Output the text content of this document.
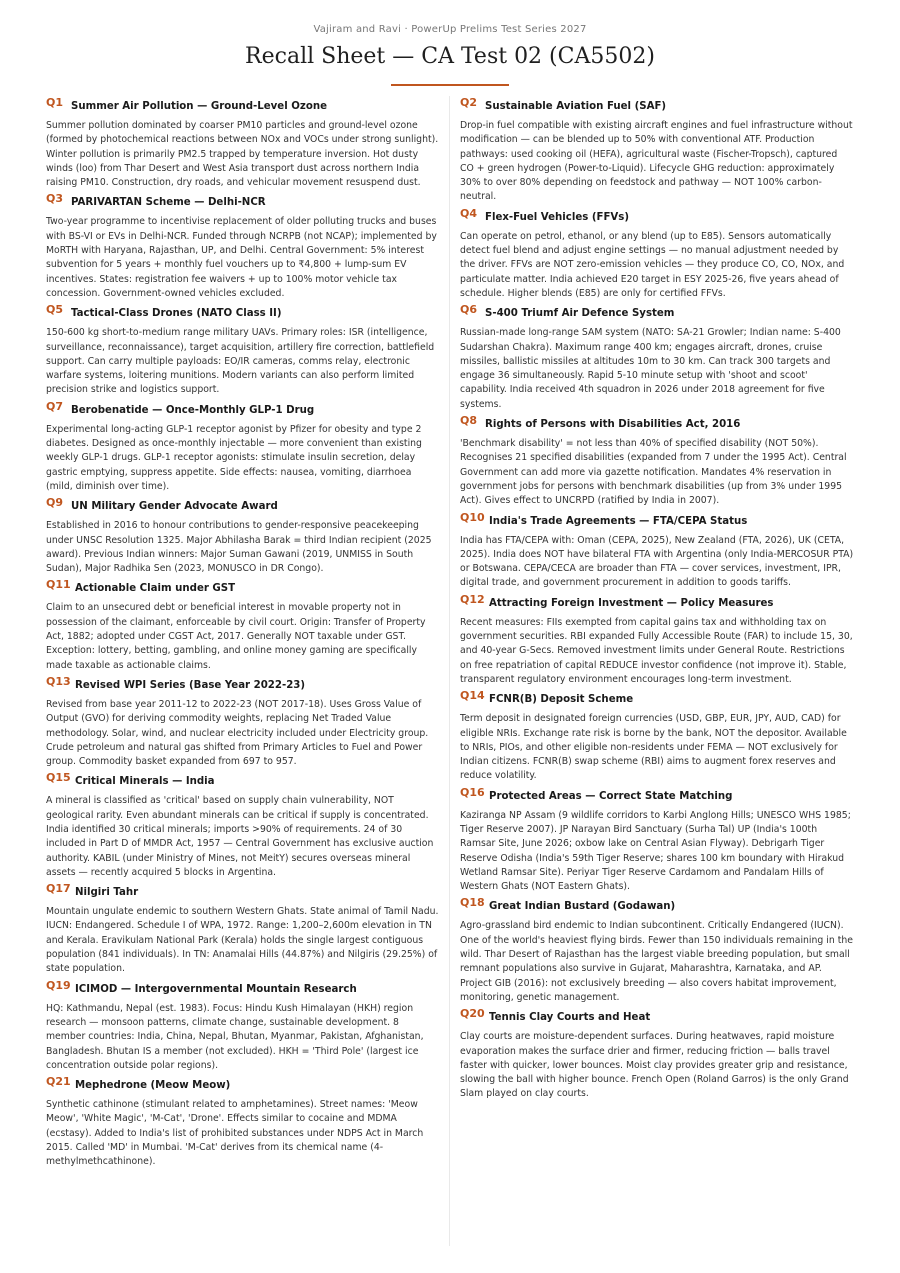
Vajiram and Ravi · PowerUp Prelims Test Series 2027
Recall Sheet — CA Test 02 (CA5502)
Q1 Summer Air Pollution — Ground-Level Ozone
Summer pollution dominated by coarser PM10 particles and ground-level ozone (formed by photochemical reactions between NOx and VOCs under strong sunlight). Winter pollution is primarily PM2.5 trapped by temperature inversion. Hot dusty winds (loo) from Thar Desert and West Asia transport dust across northern India raising PM10. Construction, dry roads, and vehicular movement resuspend dust.
Q3 PARIVARTAN Scheme — Delhi-NCR
Two-year programme to incentivise replacement of older polluting trucks and buses with BS-VI or EVs in Delhi-NCR. Funded through NCRPB (not NCAP); implemented by MoRTH with Haryana, Rajasthan, UP, and Delhi. Central Government: 5% interest subvention for 5 years + monthly fuel vouchers up to ₹4,800 + lump-sum EV incentives. States: registration fee waivers + up to 100% motor vehicle tax concession. Government-owned vehicles excluded.
Q5 Tactical-Class Drones (NATO Class II)
150-600 kg short-to-medium range military UAVs. Primary roles: ISR (intelligence, surveillance, reconnaissance), target acquisition, artillery fire correction, battlefield support. Can carry multiple payloads: EO/IR cameras, comms relay, electronic warfare systems, loitering munitions. Modern variants can also perform limited precision strike and logistics support.
Q7 Berobenatide — Once-Monthly GLP-1 Drug
Experimental long-acting GLP-1 receptor agonist by Pfizer for obesity and type 2 diabetes. Designed as once-monthly injectable — more convenient than existing weekly GLP-1 drugs. GLP-1 receptor agonists: stimulate insulin secretion, delay gastric emptying, suppress appetite. Side effects: nausea, vomiting, diarrhoea (mild, diminish over time).
Q9 UN Military Gender Advocate Award
Established in 2016 to honour contributions to gender-responsive peacekeeping under UNSC Resolution 1325. Major Abhilasha Barak = third Indian recipient (2025 award). Previous Indian winners: Major Suman Gawani (2019, UNMISS in South Sudan), Major Radhika Sen (2023, MONUSCO in DR Congo).
Q11 Actionable Claim under GST
Claim to an unsecured debt or beneficial interest in movable property not in possession of the claimant, enforceable by civil court. Origin: Transfer of Property Act, 1882; adopted under CGST Act, 2017. Generally NOT taxable under GST. Exception: lottery, betting, gambling, and online money gaming are specifically made taxable as actionable claims.
Q13 Revised WPI Series (Base Year 2022-23)
Revised from base year 2011-12 to 2022-23 (NOT 2017-18). Uses Gross Value of Output (GVO) for deriving commodity weights, replacing Net Traded Value methodology. Solar, wind, and nuclear electricity included under Electricity group. Crude petroleum and natural gas shifted from Primary Articles to Fuel and Power group. Commodity basket expanded from 697 to 957.
Q15 Critical Minerals — India
A mineral is classified as 'critical' based on supply chain vulnerability, NOT geological rarity. Even abundant minerals can be critical if supply is concentrated. India identified 30 critical minerals; imports >90% of requirements. 24 of 30 included in Part D of MMDR Act, 1957 — Central Government has exclusive auction authority. KABIL (under Ministry of Mines, not MeitY) secures overseas mineral assets — recently acquired 5 blocks in Argentina.
Q17 Nilgiri Tahr
Mountain ungulate endemic to southern Western Ghats. State animal of Tamil Nadu. IUCN: Endangered. Schedule I of WPA, 1972. Range: 1,200–2,600m elevation in TN and Kerala. Eravikulam National Park (Kerala) holds the single largest contiguous population (841 individuals). In TN: Anamalai Hills (44.87%) and Nilgiris (29.25%) of state population.
Q19 ICIMOD — Intergovernmental Mountain Research
HQ: Kathmandu, Nepal (est. 1983). Focus: Hindu Kush Himalayan (HKH) region research — monsoon patterns, climate change, sustainable development. 8 member countries: India, China, Nepal, Bhutan, Myanmar, Pakistan, Afghanistan, Bangladesh. Bhutan IS a member (not excluded). HKH = 'Third Pole' (largest ice concentration outside polar regions).
Q21 Mephedrone (Meow Meow)
Synthetic cathinone (stimulant related to amphetamines). Street names: 'Meow Meow', 'White Magic', 'M-Cat', 'Drone'. Effects similar to cocaine and MDMA (ecstasy). Added to India's list of prohibited substances under NDPS Act in March 2015. Called 'MD' in Mumbai. 'M-Cat' derives from its chemical name (4-methylmethcathinone).
Q2 Sustainable Aviation Fuel (SAF)
Drop-in fuel compatible with existing aircraft engines and fuel infrastructure without modification — can be blended up to 50% with conventional ATF. Production pathways: used cooking oil (HEFA), agricultural waste (Fischer-Tropsch), captured CO + green hydrogen (Power-to-Liquid). Lifecycle GHG reduction: approximately 30% to over 80% depending on feedstock and pathway — NOT 100% carbon-neutral.
Q4 Flex-Fuel Vehicles (FFVs)
Can operate on petrol, ethanol, or any blend (up to E85). Sensors automatically detect fuel blend and adjust engine settings — no manual adjustment needed by the driver. FFVs are NOT zero-emission vehicles — they produce CO, CO, NOx, and particulate matter. India achieved E20 target in ESY 2025-26, five years ahead of schedule. Higher blends (E85) are only for certified FFVs.
Q6 S-400 Triumf Air Defence System
Russian-made long-range SAM system (NATO: SA-21 Growler; Indian name: S-400 Sudarshan Chakra). Maximum range 400 km; engages aircraft, drones, cruise missiles, ballistic missiles at altitudes 10m to 30 km. Can track 300 targets and engage 36 simultaneously. Rapid 5-10 minute setup with 'shoot and scoot' capability. India received 4th squadron in 2026 under 2018 agreement for five systems.
Q8 Rights of Persons with Disabilities Act, 2016
'Benchmark disability' = not less than 40% of specified disability (NOT 50%). Recognises 21 specified disabilities (expanded from 7 under the 1995 Act). Central Government can add more via gazette notification. Mandates 4% reservation in government jobs for persons with benchmark disabilities (up from 3% under 1995 Act). Gives effect to UNCRPD (ratified by India in 2007).
Q10 India's Trade Agreements — FTA/CEPA Status
India has FTA/CEPA with: Oman (CEPA, 2025), New Zealand (FTA, 2026), UK (CETA, 2025). India does NOT have bilateral FTA with Argentina (only India-MERCOSUR PTA) or Botswana. CEPA/CECA are broader than FTA — cover services, investment, IPR, digital trade, and government procurement in addition to goods tariffs.
Q12 Attracting Foreign Investment — Policy Measures
Recent measures: FIIs exempted from capital gains tax and withholding tax on government securities. RBI expanded Fully Accessible Route (FAR) to include 15, 30, and 40-year G-Secs. Removed investment limits under General Route. Restrictions on free repatriation of capital REDUCE investor confidence (not improve it). Stable, transparent regulatory environment encourages long-term investment.
Q14 FCNR(B) Deposit Scheme
Term deposit in designated foreign currencies (USD, GBP, EUR, JPY, AUD, CAD) for eligible NRIs. Exchange rate risk is borne by the bank, NOT the depositor. Available to NRIs, PIOs, and other eligible non-residents under FEMA — NOT exclusively for Indian citizens. FCNR(B) swap scheme (RBI) aims to augment forex reserves and reduce volatility.
Q16 Protected Areas — Correct State Matching
Kaziranga NP Assam (9 wildlife corridors to Karbi Anglong Hills; UNESCO WHS 1985; Tiger Reserve 2007). JP Narayan Bird Sanctuary (Surha Tal) UP (India's 100th Ramsar Site, June 2026; oxbow lake on Central Asian Flyway). Debrigarh Tiger Reserve Odisha (India's 59th Tiger Reserve; shares 100 km boundary with Hirakud Wetland Ramsar Site). Periyar Tiger Reserve Cardamom and Pandalam Hills of Western Ghats (NOT Eastern Ghats).
Q18 Great Indian Bustard (Godawan)
Agro-grassland bird endemic to Indian subcontinent. Critically Endangered (IUCN). One of the world's heaviest flying birds. Fewer than 150 individuals remaining in the wild. Thar Desert of Rajasthan has the largest viable breeding population, but small remnant populations also survive in Gujarat, Maharashtra, Karnataka, and AP. Project GIB (2016): not exclusively breeding — also covers habitat improvement, monitoring, genetic management.
Q20 Tennis Clay Courts and Heat
Clay courts are moisture-dependent surfaces. During heatwaves, rapid moisture evaporation makes the surface drier and firmer, reducing friction — balls travel faster with quicker, lower bounces. Moist clay provides greater grip and resistance, slowing the ball with higher bounce. French Open (Roland Garros) is the only Grand Slam played on clay courts.
